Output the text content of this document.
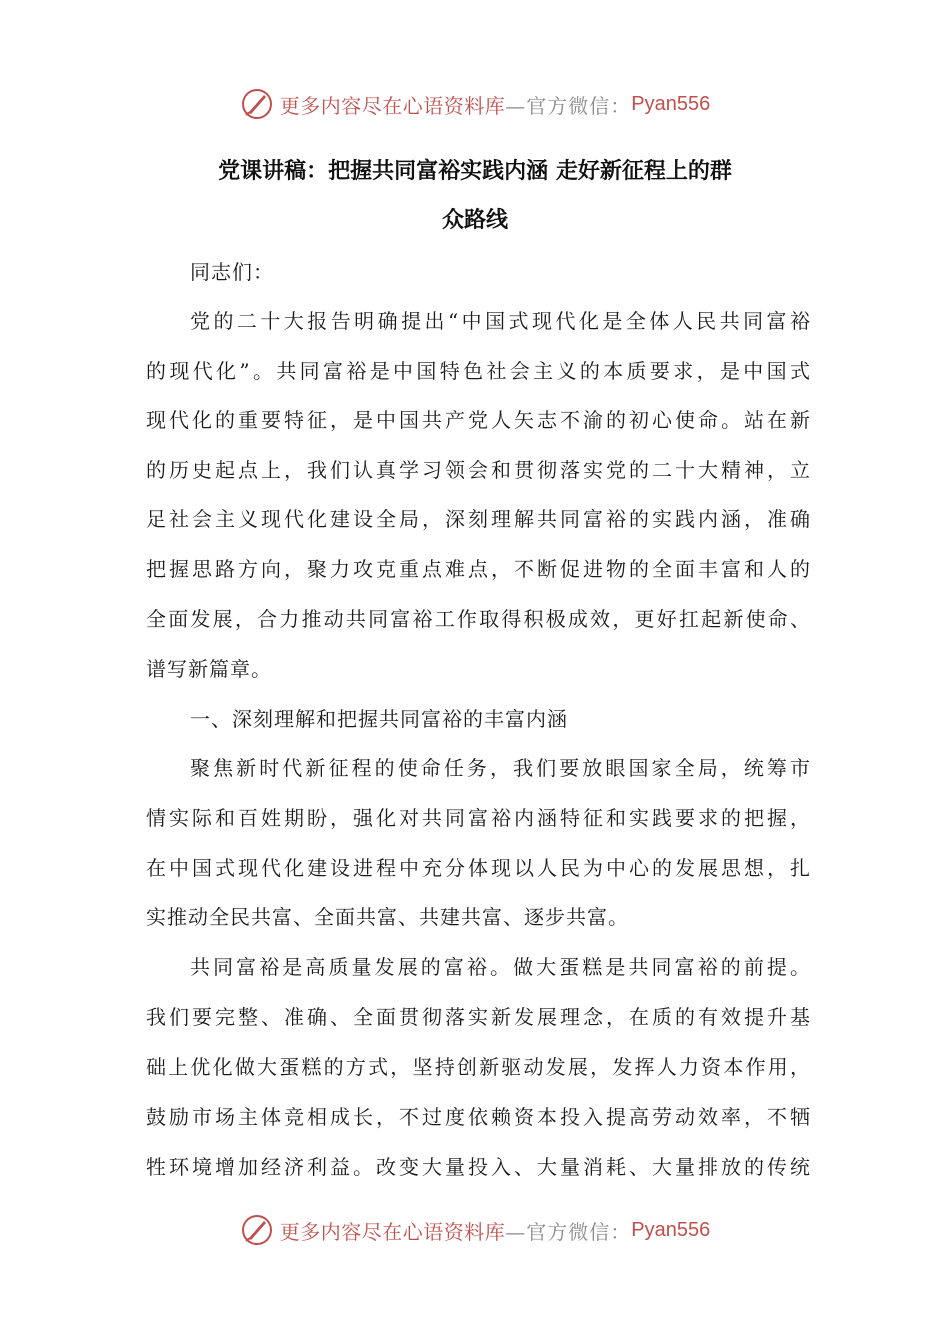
更多内容尽在心语资料库 —官方微信： Pyan556
党课讲稿：把握共同富裕实践内涵 走好新征程上的群
众路线
同志们：
党的二十大报告明确提出“中国式现代化是全体人民共同富裕
的现代化”。共同富裕是中国特色社会主义的本质要求，是中国式
现代化的重要特征，是中国共产党人矢志不渝的初心使命。站在新
的历史起点上，我们认真学习领会和贯彻落实党的二十大精神，立
足社会主义现代化建设全局，深刻理解共同富裕的实践内涵，准确
把握思路方向，聚力攻克重点难点，不断促进物的全面丰富和人的
全面发展，合力推动共同富裕工作取得积极成效，更好扛起新使命、
谱写新篇章。
一、深刻理解和把握共同富裕的丰富内涵
聚焦新时代新征程的使命任务，我们要放眼国家全局，统筹市
情实际和百姓期盼，强化对共同富裕内涵特征和实践要求的把握，
在中国式现代化建设进程中充分体现以人民为中心的发展思想，扎
实推动全民共富、全面共富、共建共富、逐步共富。
共同富裕是高质量发展的富裕。做大蛋糕是共同富裕的前提。
我们要完整、准确、全面贯彻落实新发展理念，在质的有效提升基
础上优化做大蛋糕的方式，坚持创新驱动发展，发挥人力资本作用，
鼓励市场主体竞相成长，不过度依赖资本投入提高劳动效率，不牺
牲环境增加经济利益。改变大量投入、大量消耗、大量排放的传统
更多内容尽在心语资料库 —官方微信： Pyan556
